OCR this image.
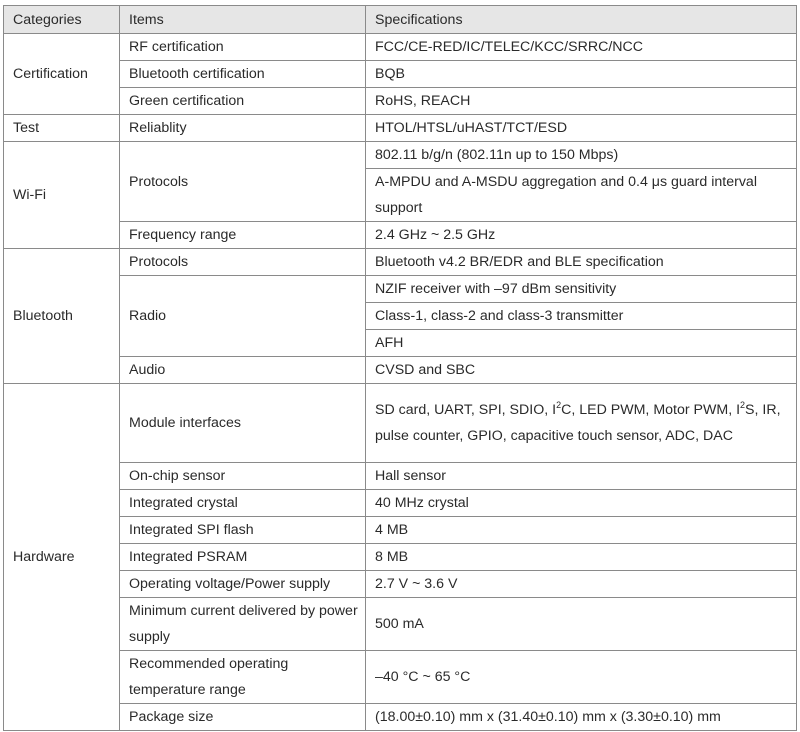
Categories	Items	Specifications
Certification	RF certification	FCC/CE-RED/IC/TELEC/KCC/SRRC/NCC
	Bluetooth certification	BQB
	Green certification	RoHS, REACH
Test	Reliablity	HTOL/HTSL/uHAST/TCT/ESD
Wi-Fi	Protocols	802.11 b/g/n (802.11n up to 150 Mbps)
		A-MPDU and A-MSDU aggregation and 0.4 μs guard interval support
	Frequency range	2.4 GHz ~ 2.5 GHz
Bluetooth	Protocols	Bluetooth v4.2 BR/EDR and BLE specification
	Radio	NZIF receiver with –97 dBm sensitivity
		Class-1, class-2 and class-3 transmitter
		AFH
	Audio	CVSD and SBC
Hardware	Module interfaces	SD card, UART, SPI, SDIO, $I^2C$, LED PWM, Motor PWM, $I^2S$, IR, pulse counter, GPIO, capacitive touch sensor, ADC, DAC
	On-chip sensor	Hall sensor
	Integrated crystal	40 MHz crystal
	Integrated SPI flash	4 MB
	Integrated PSRAM	8 MB
	Operating voltage/Power supply	2.7 V ~ 3.6 V
	Minimum current delivered by power supply	500 mA
	Recommended operating temperature range	–40 °C ~ 65 °C
	Package size	(18.00±0.10) mm x (31.40±0.10) mm x (3.30±0.10) mm
